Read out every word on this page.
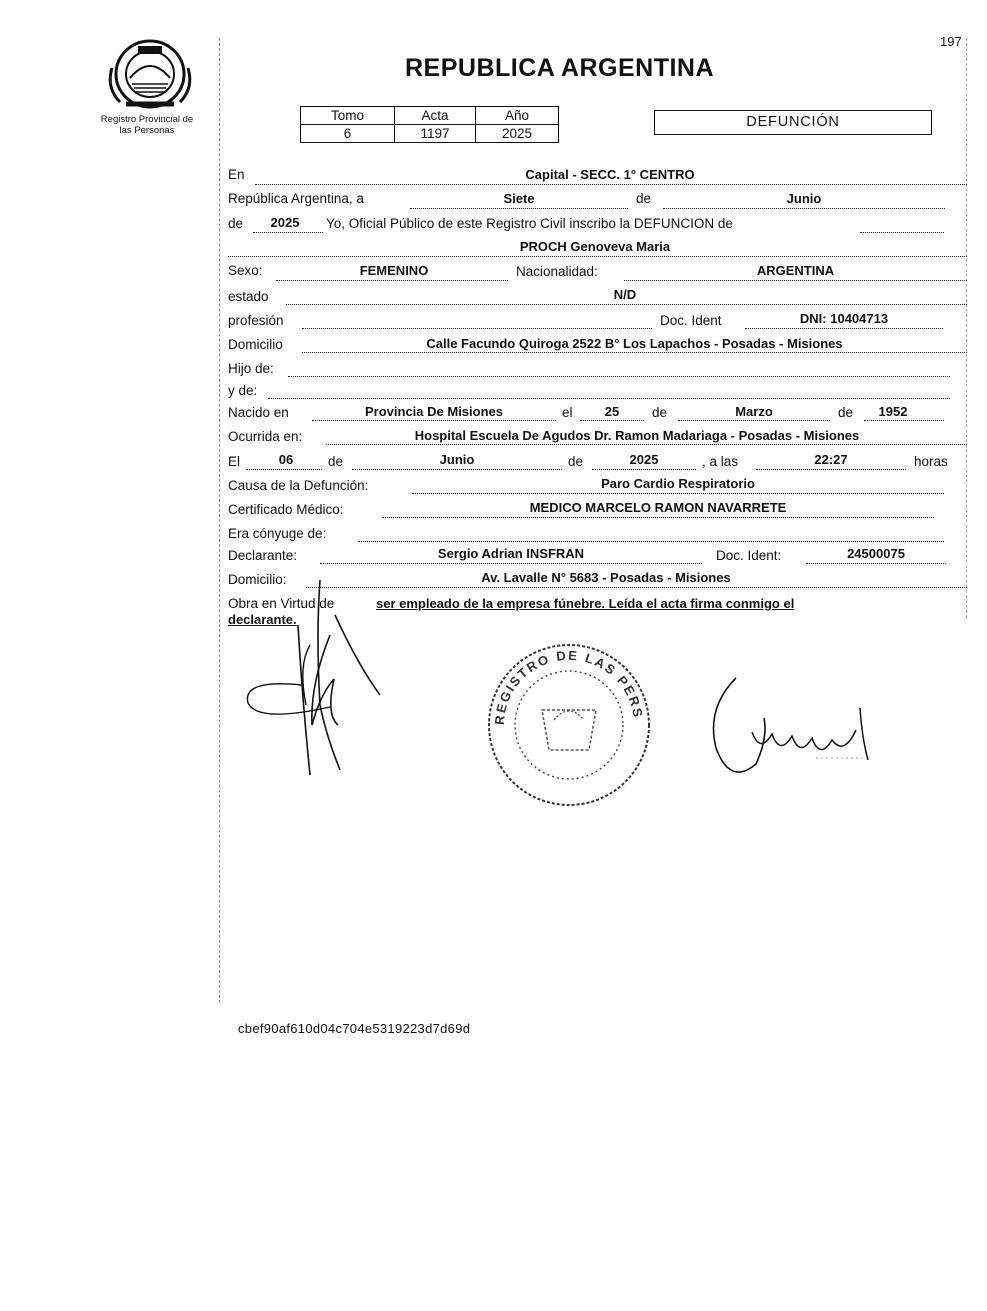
197
Registro Provincial de
las Personas
REPUBLICA ARGENTINA
Tomo	Acta	Año
6	1197	2025
DEFUNCIÓN
En	Capital - SECC. 1° CENTRO
República Argentina, a	Siete	de	Junio
de	2025	Yo, Oficial Público de este Registro Civil inscribo la DEFUNCION de
PROCH Genoveva Maria
Sexo:	FEMENINO	Nacionalidad:	ARGENTINA
estado	N/D
profesión	Doc. Ident	DNI: 10404713
Domicilio	Calle Facundo Quiroga 2522 B° Los Lapachos - Posadas - Misiones
Hijo de:
y de:
Nacido en	Provincia De Misiones	el	25	de	Marzo	de	1952
Ocurrida en:	Hospital Escuela De Agudos Dr. Ramon Madariaga - Posadas - Misiones
El	06	de	Junio	de	2025	, a las	22:27	horas
Causa de la Defunción:	Paro Cardio Respiratorio
Certificado Médico:	MEDICO MARCELO RAMON NAVARRETE
Era cónyuge de:
Declarante:	Sergio Adrian INSFRAN	Doc. Ident:	24500075
Domicilio:	Av. Lavalle N° 5683 - Posadas - Misiones
Obra en Virtud de	ser empleado de la empresa fúnebre. Leída el acta firma conmigo el
declarante.
REGISTRO DE LAS PERSONAS
cbef90af610d04c704e5319223d7d69d
